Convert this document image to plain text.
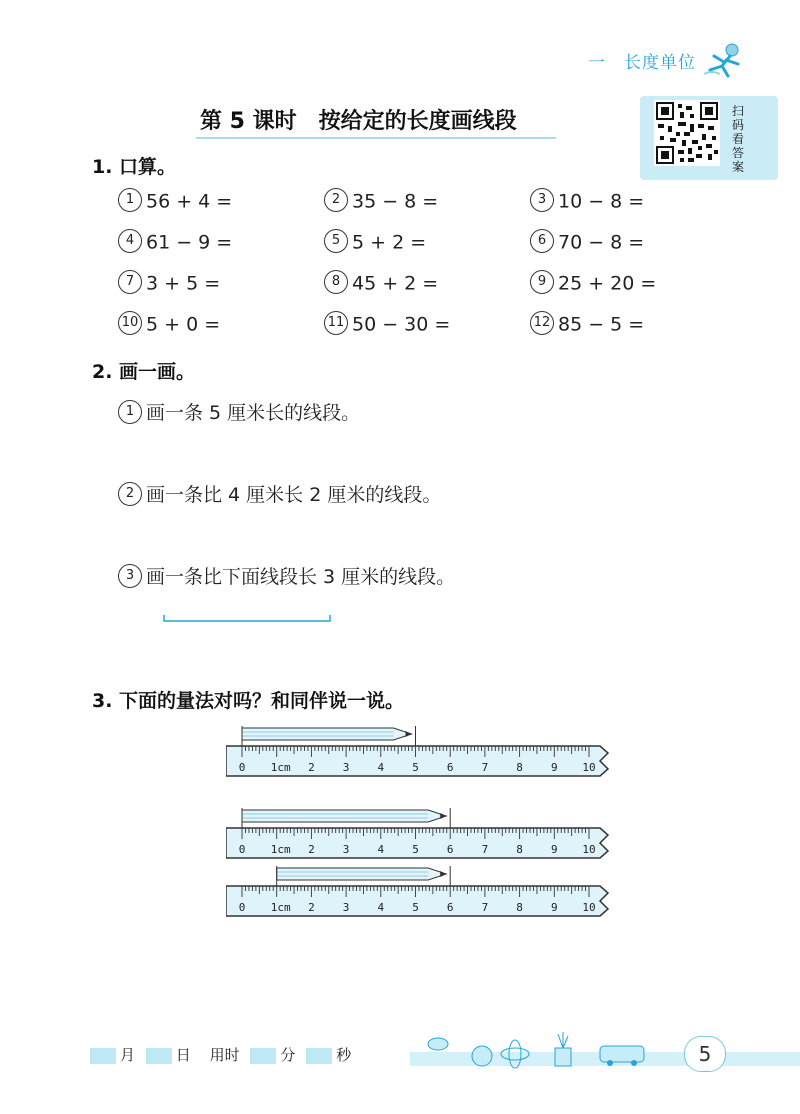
一　长度单位
第 5 课时　按给定的长度画线段	扫码看答案
1. 口算。
1 56 + 4 =	2 35 − 8 =	3 10 − 8 =
4 61 − 9 =	5 5 + 2 =	6 70 − 8 =
7 3 + 5 =	8 45 + 2 =	9 25 + 20 =
10 5 + 0 =	11 50 − 30 =	12 85 − 5 =
2. 画一画。
1 画一条 5 厘米长的线段。
2 画一条比 4 厘米长 2 厘米的线段。
3 画一条比下面线段长 3 厘米的线段。
3. 下面的量法对吗？和同伴说一说。
0 1cm 2	3	4	5	6	7	8	9 10
0 1cm 2	3	4	5	6	7	8	9 10
0 1cm 2	3	4	5	6	7	8	9 10
月	日 用时	分	秒	5
